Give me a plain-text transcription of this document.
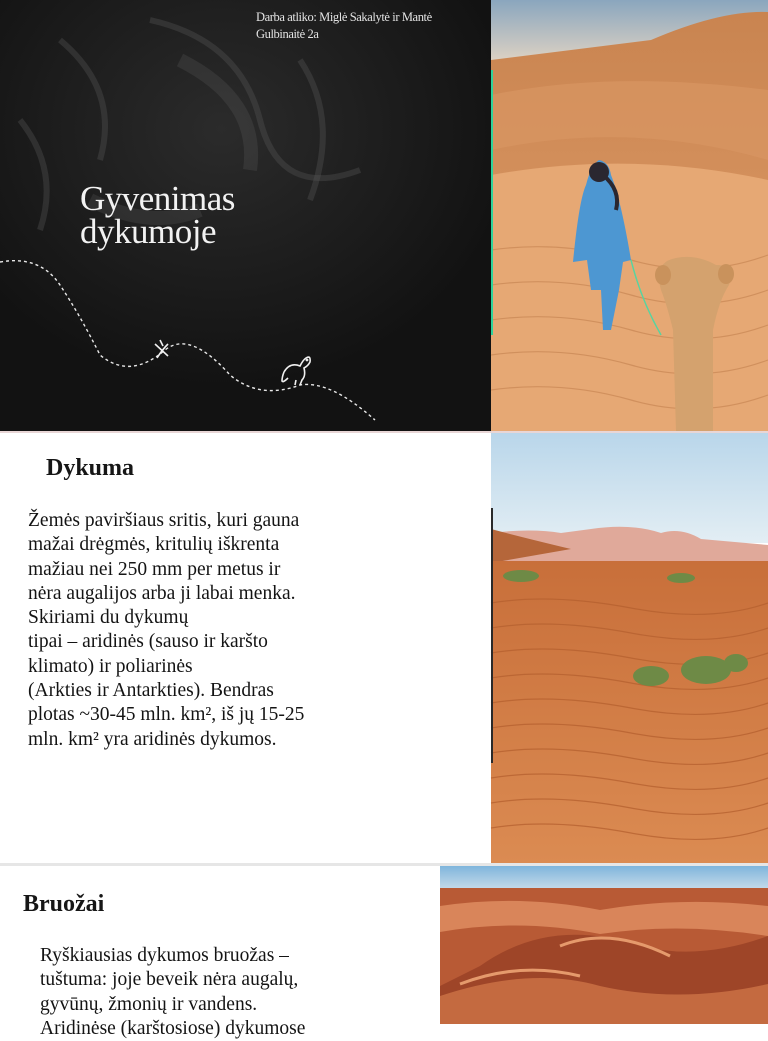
Darba atliko: Miglė Sakalytė ir Mantė
Gulbinaitė 2a
Gyvenimas
dykumoje
Dykuma
Žemės paviršiaus sritis, kuri gauna
mažai drėgmės, kritulių iškrenta
mažiau nei 250 mm per metus ir
nėra augalijos arba ji labai menka.
Skiriami du dykumų
tipai – aridinės (sauso ir karšto
klimato) ir poliarinės
(Arkties ir Antarkties). Bendras
plotas ~30-45 mln. km², iš jų 15-25
mln. km² yra aridinės dykumos.
Bruožai
Ryškiausias dykumos bruožas –
tuštuma: joje beveik nėra augalų,
gyvūnų, žmonių ir vandens.
Aridinėse (karštosiose) dykumose
